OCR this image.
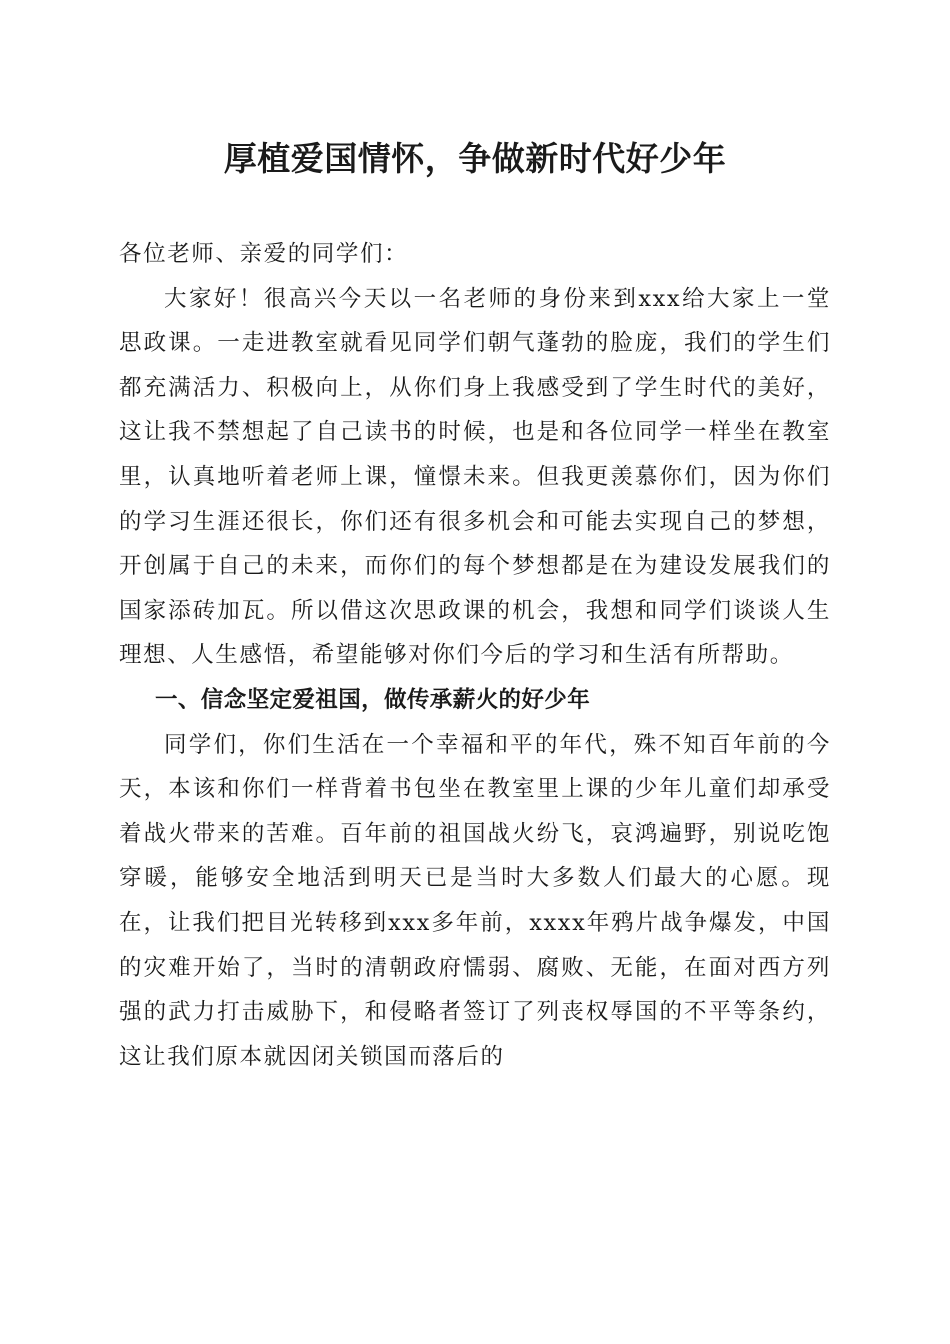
厚植爱国情怀，争做新时代好少年

各位老师、亲爱的同学们：

大家好！很高兴今天以一名老师的身份来到xxx给大家上一堂思政课。一走进教室就看见同学们朝气蓬勃的脸庞，我们的学生们都充满活力、积极向上，从你们身上我感受到了学生时代的美好，这让我不禁想起了自己读书的时候，也是和各位同学一样坐在教室里，认真地听着老师上课，憧憬未来。但我更羡慕你们，因为你们的学习生涯还很长，你们还有很多机会和可能去实现自己的梦想，开创属于自己的未来，而你们的每个梦想都是在为建设发展我们的国家添砖加瓦。所以借这次思政课的机会，我想和同学们谈谈人生理想、人生感悟，希望能够对你们今后的学习和生活有所帮助。

一、信念坚定爱祖国，做传承薪火的好少年

同学们，你们生活在一个幸福和平的年代，殊不知百年前的今天，本该和你们一样背着书包坐在教室里上课的少年儿童们却承受着战火带来的苦难。百年前的祖国战火纷飞，哀鸿遍野，别说吃饱穿暖，能够安全地活到明天已是当时大多数人们最大的心愿。现在，让我们把目光转移到xxx多年前，xxxx年鸦片战争爆发，中国的灾难开始了，当时的清朝政府懦弱、腐败、无能，在面对西方列强的武力打击威胁下，和侵略者签订了列丧权辱国的不平等条约，这让我们原本就因闭关锁国而落后的
